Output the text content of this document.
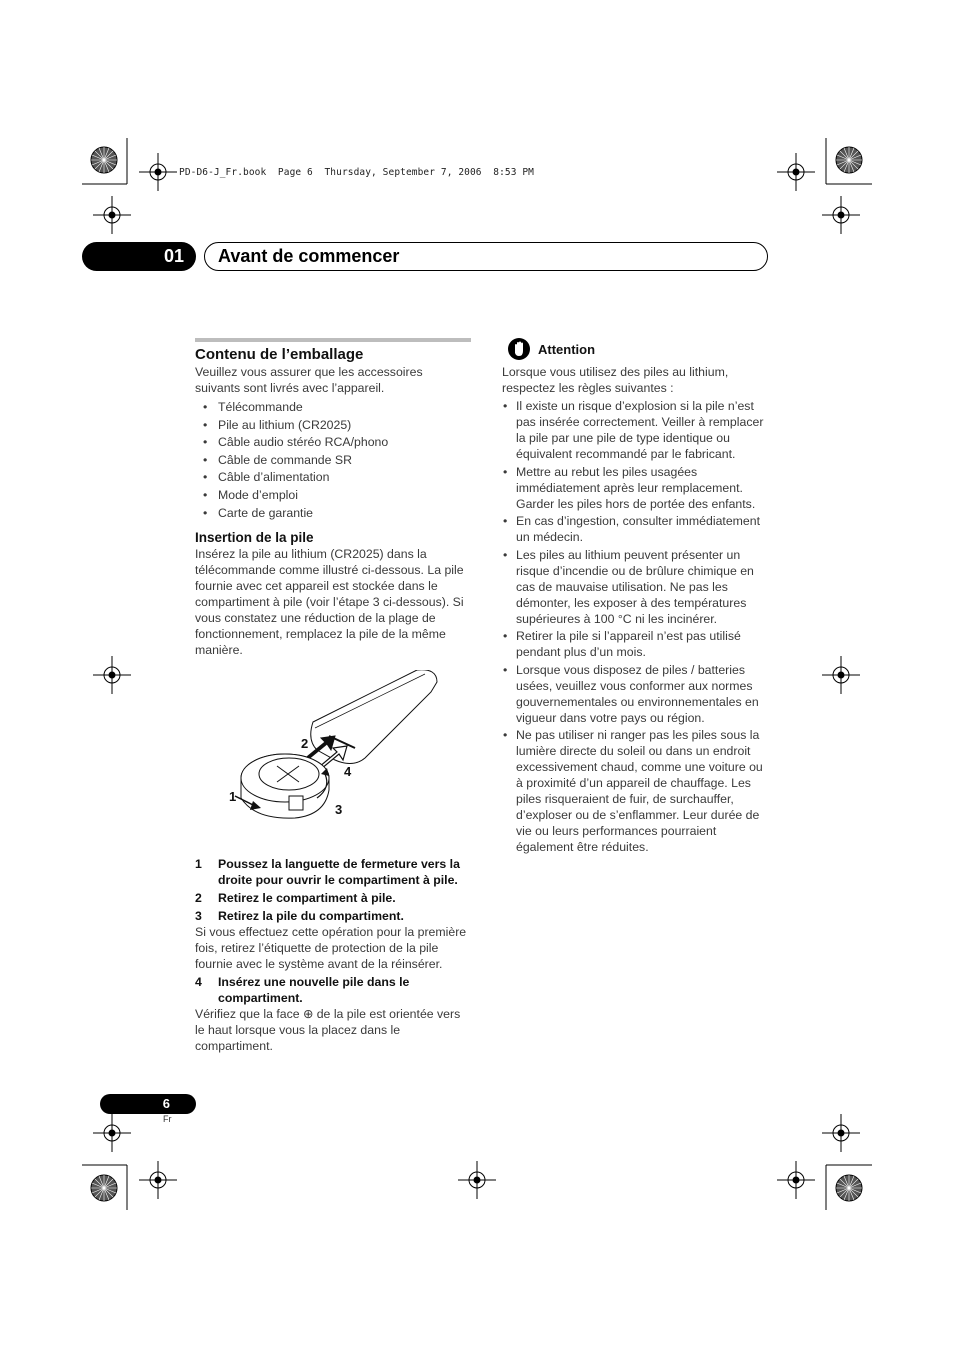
PD-D6-J_Fr.book  Page 6  Thursday, September 7, 2006  8:53 PM
01	Avant de commencer
Contenu de l’emballage

Veuillez vous assurer que les accessoires suivants sont livrés avec l’appareil.

• Télécommande
• Pile au lithium (CR2025)
• Câble audio stéréo RCA/phono
• Câble de commande SR
• Câble d’alimentation
• Mode d’emploi
• Carte de garantie
Insertion de la pile

Insérez la pile au lithium (CR2025) dans la télécommande comme illustré ci-dessous. La pile fournie avec cet appareil est stockée dans le compartiment à pile (voir l’étape 3 ci-dessous). Si vous constatez une réduction de la plage de fonctionnement, remplacez la pile de la même manière.

1
2
3
4
1	Poussez la languette de fermeture vers la droite pour ouvrir le compartiment à pile.
2	Retirez le compartiment à pile.
3	Retirez la pile du compartiment.

Si vous effectuez cette opération pour la première fois, retirez l’étiquette de protection de la pile fournie avec le système avant de la réinsérer.

4	Insérez une nouvelle pile dans le compartiment.

Vérifiez que la face ⊕ de la pile est orientée vers le haut lorsque vous la placez dans le compartiment.

Attention

Lorsque vous utilisez des piles au lithium, respectez les règles suivantes :

• Il existe un risque d’explosion si la pile n’est pas insérée correctement. Veiller à remplacer la pile par une pile de type identique ou équivalent recommandé par le fabricant.
• Mettre au rebut les piles usagées immédiatement après leur remplacement. Garder les piles hors de portée des enfants.
• En cas d’ingestion, consulter immédiatement un médecin.
• Les piles au lithium peuvent présenter un risque d’incendie ou de brûlure chimique en cas de mauvaise utilisation. Ne pas les démonter, les exposer à des températures supérieures à 100 °C ni les incinérer.
• Retirer la pile si l’appareil n’est pas utilisé pendant plus d’un mois.
• Lorsque vous disposez de piles / batteries usées, veuillez vous conformer aux normes gouvernementales ou environnementales en vigueur dans votre pays ou région.
• Ne pas utiliser ni ranger pas les piles sous la lumière directe du soleil ou dans un endroit excessivement chaud, comme une voiture ou à proximité d’un appareil de chauffage. Les piles risqueraient de fuir, de surchauffer, d’exploser ou de s’enflammer. Leur durée de vie ou leurs performances pourraient également être réduites.
6
Fr
